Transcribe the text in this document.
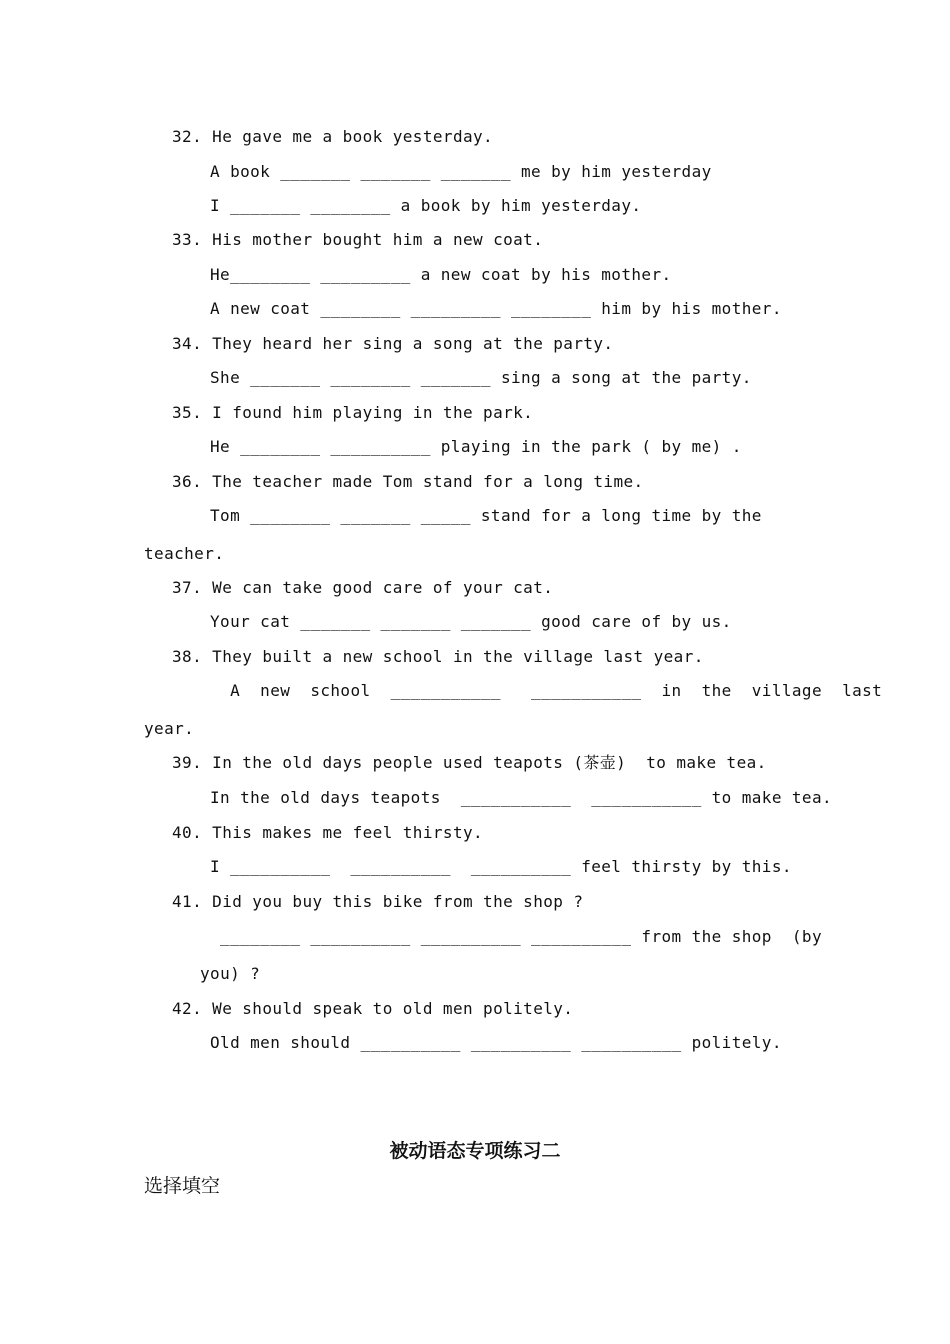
32. He gave me a book yesterday.
A book _______ _______ _______ me by him yesterday
I _______ ________ a book by him yesterday.
33. His mother bought him a new coat.
He________ _________ a new coat by his mother.
A new coat ________ _________ ________ him by his mother.
34. They heard her sing a song at the party.
She _______ ________ _______ sing a song at the party.
35. I found him playing in the park.
He ________ __________ playing in the park ( by me) .
36. The teacher made Tom stand for a long time.
Tom ________ _______ _____ stand for a long time by the
teacher.
37. We can take good care of your cat.
Your cat _______ _______ _______ good care of by us.
38. They built a new school in the village last year.
A  new  school  ___________   ___________  in  the  village  last
year.
39. In the old days people used teapots (茶壶)  to make tea.
In the old days teapots  ___________  ___________ to make tea.
40. This makes me feel thirsty.
I __________  __________  __________ feel thirsty by this.
41. Did you buy this bike from the shop ?
________ __________ __________ __________ from the shop  (by
you) ?
42. We should speak to old men politely.
Old men should __________ __________ __________ politely.
被动语态专项练习二
选择填空
